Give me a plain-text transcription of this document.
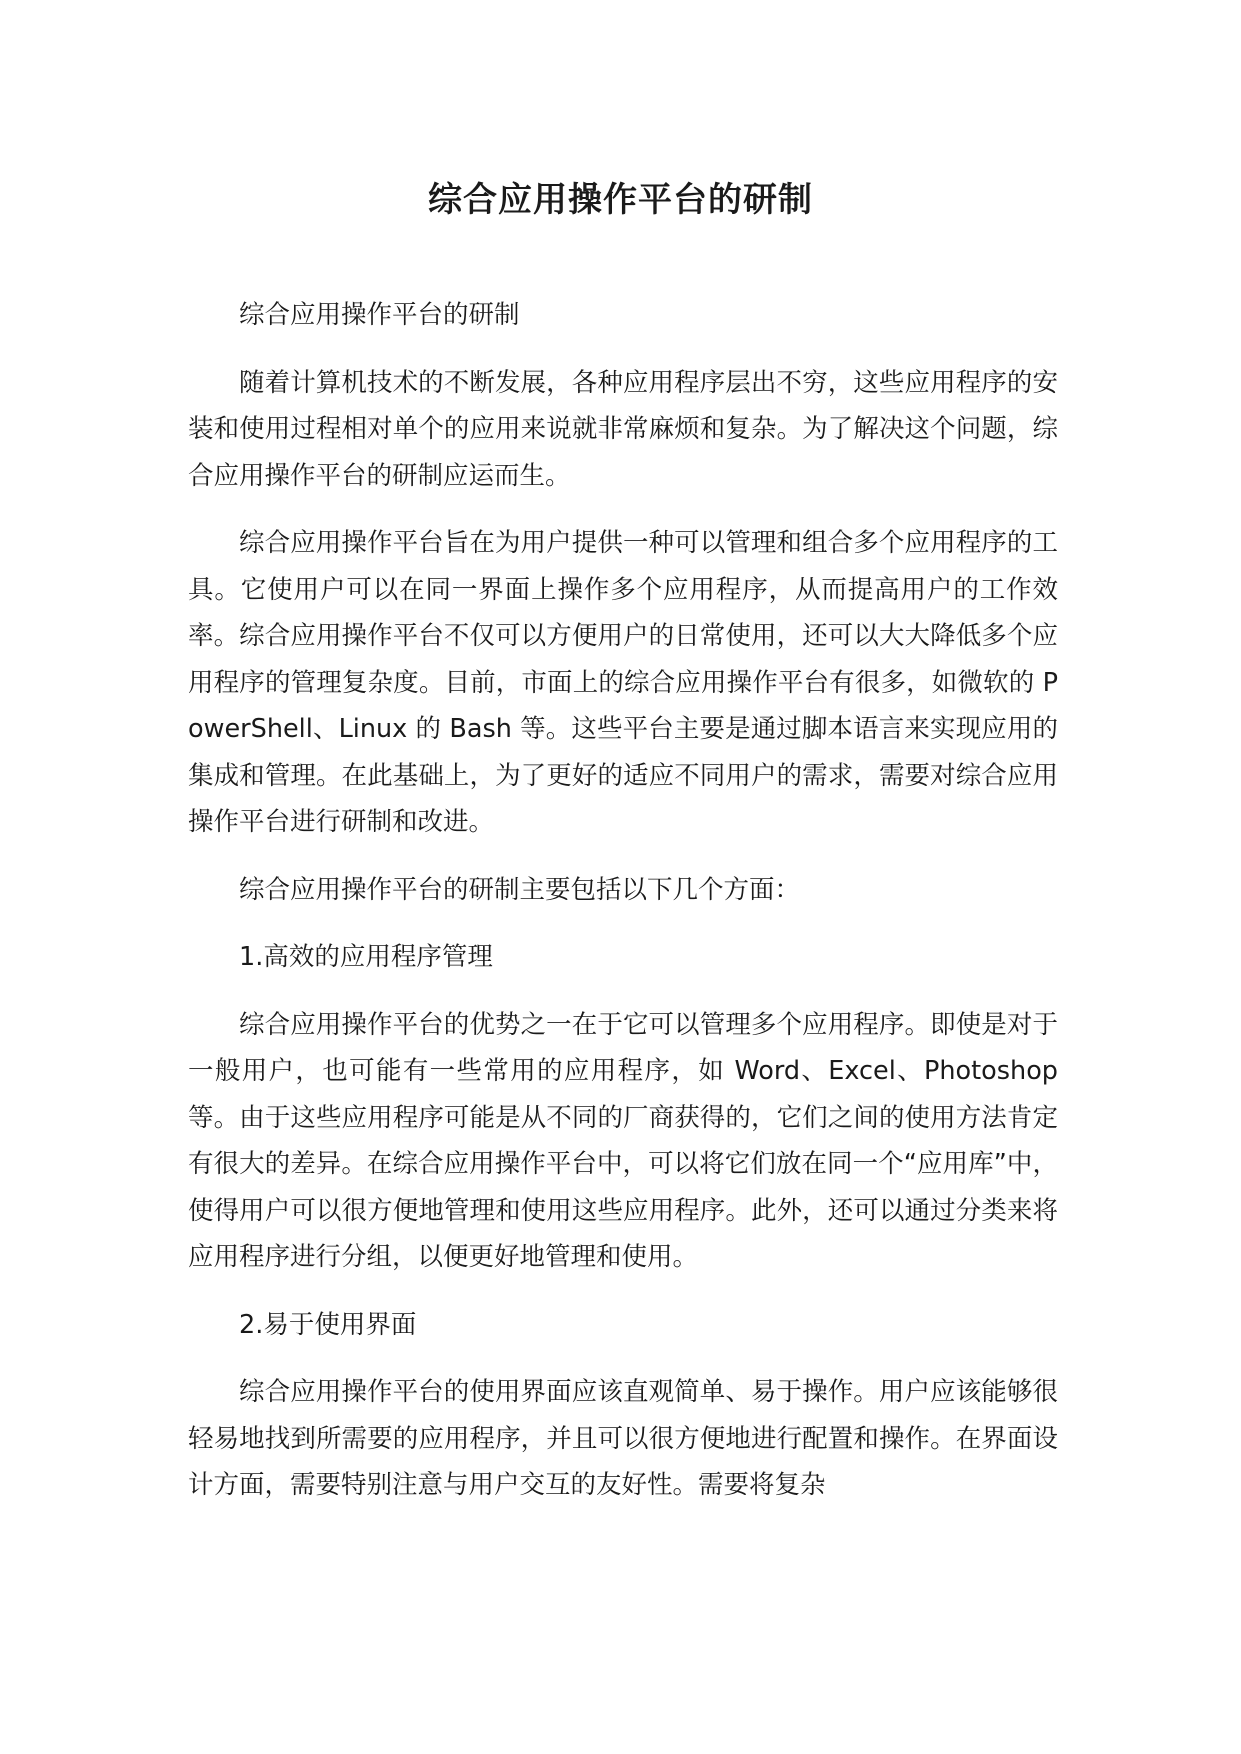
综合应用操作平台的研制

综合应用操作平台的研制

随着计算机技术的不断发展，各种应用程序层出不穷，这些应用程序的安装和使用过程相对单个的应用来说就非常麻烦和复杂。为了解决这个问题，综合应用操作平台的研制应运而生。

综合应用操作平台旨在为用户提供一种可以管理和组合多个应用程序的工具。它使用户可以在同一界面上操作多个应用程序，从而提高用户的工作效率。综合应用操作平台不仅可以方便用户的日常使用，还可以大大降低多个应用程序的管理复杂度。目前，市面上的综合应用操作平台有很多，如微软的 PowerShell、Linux 的 Bash 等。这些平台主要是通过脚本语言来实现应用的集成和管理。在此基础上，为了更好的适应不同用户的需求，需要对综合应用操作平台进行研制和改进。

综合应用操作平台的研制主要包括以下几个方面：

1.高效的应用程序管理

综合应用操作平台的优势之一在于它可以管理多个应用程序。即使是对于一般用户，也可能有一些常用的应用程序，如 Word、Excel、Photoshop 等。由于这些应用程序可能是从不同的厂商获得的，它们之间的使用方法肯定有很大的差异。在综合应用操作平台中，可以将它们放在同一个“应用库”中，使得用户可以很方便地管理和使用这些应用程序。此外，还可以通过分类来将应用程序进行分组，以便更好地管理和使用。

2.易于使用界面

综合应用操作平台的使用界面应该直观简单、易于操作。用户应该能够很轻易地找到所需要的应用程序，并且可以很方便地进行配置和操作。在界面设计方面，需要特别注意与用户交互的友好性。需要将复杂
